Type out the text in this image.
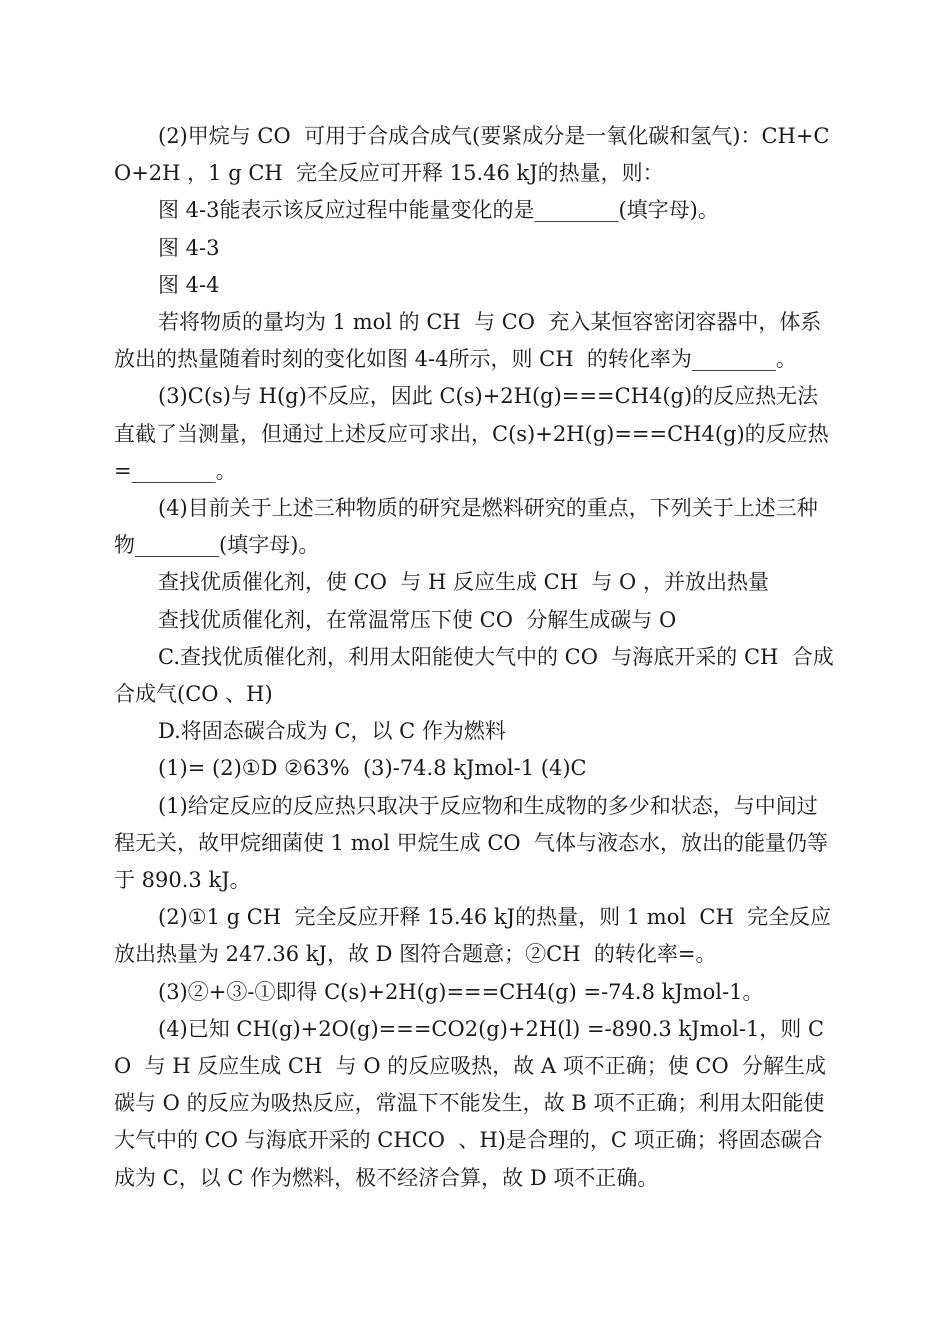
(2)甲烷与 CO  可用于合成合成气(要紧成分是一氧化碳和氢气)：CH+CO+2H ，1 g CH  完全反应可开释 15.46 kJ的热量，则：

图 4-3能表示该反应过程中能量变化的是________(填字母)。

图 4-3

图 4-4

若将物质的量均为 1 mol 的 CH  与 CO  充入某恒容密闭容器中，体系放出的热量随着时刻的变化如图 4-4所示，则 CH  的转化率为________。

(3)C(s)与 H(g)不反应，因此 C(s)+2H(g)===CH4(g)的反应热无法直截了当测量，但通过上述反应可求出，C(s)+2H(g)===CH4(g)的反应热=________。

(4)目前关于上述三种物质的研究是燃料研究的重点，下列关于上述三种物________(填字母)。

查找优质催化剂，使 CO  与 H 反应生成 CH  与 O ，并放出热量

查找优质催化剂，在常温常压下使 CO  分解生成碳与 O

C.查找优质催化剂，利用太阳能使大气中的 CO  与海底开采的 CH  合成合成气(CO 、H)

D.将固态碳合成为 C，以 C 作为燃料

(1)= (2)①D ②63%  (3)-74.8 kJmol-1 (4)C

(1)给定反应的反应热只取决于反应物和生成物的多少和状态，与中间过程无关，故甲烷细菌使 1 mol 甲烷生成 CO  气体与液态水，放出的能量仍等于 890.3 kJ。

(2)①1 g CH  完全反应开释 15.46 kJ的热量，则 1 mol  CH  完全反应放出热量为 247.36 kJ，故 D 图符合题意；②CH  的转化率=。

(3)②+③-①即得 C(s)+2H(g)===CH4(g) =-74.8 kJmol-1。

(4)已知 CH(g)+2O(g)===CO2(g)+2H(l) =-890.3 kJmol-1，则 CO  与 H 反应生成 CH  与 O 的反应吸热，故 A 项不正确；使 CO  分解生成碳与 O 的反应为吸热反应，常温下不能发生，故 B 项不正确；利用太阳能使大气中的 CO 与海底开采的 CHCO  、H)是合理的，C 项正确；将固态碳合成为 C，以 C 作为燃料，极不经济合算，故 D 项不正确。
